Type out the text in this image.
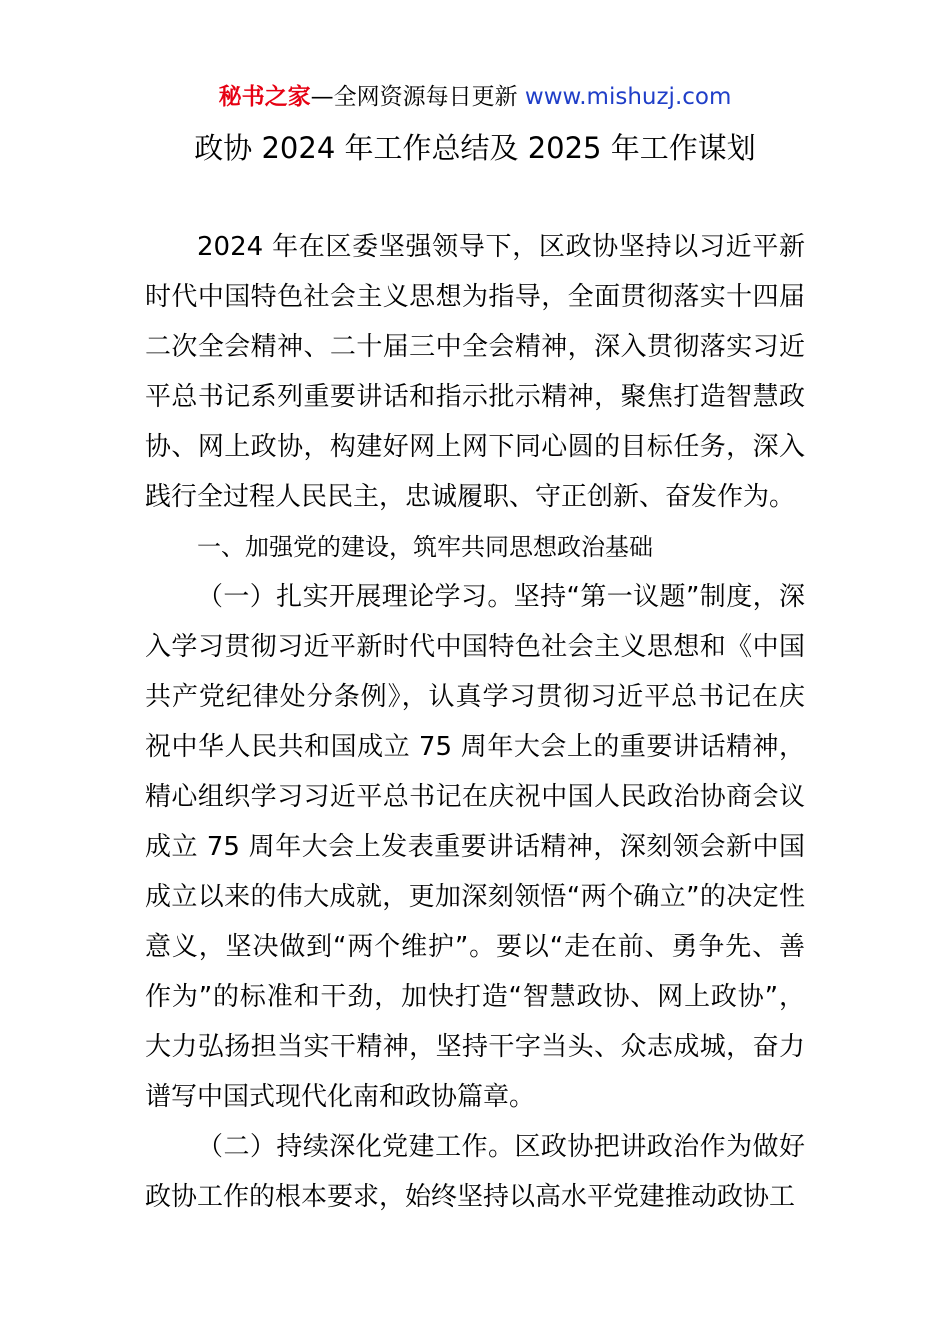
秘书之家—全网资源每日更新 www.mishuzj.com
政协 2024 年工作总结及 2025 年工作谋划

2024 年在区委坚强领导下，区政协坚持以习近平新时代中国特色社会主义思想为指导，全面贯彻落实十四届二次全会精神、二十届三中全会精神，深入贯彻落实习近平总书记系列重要讲话和指示批示精神，聚焦打造智慧政协、网上政协，构建好网上网下同心圆的目标任务，深入践行全过程人民民主，忠诚履职、守正创新、奋发作为。

一、加强党的建设，筑牢共同思想政治基础

（一）扎实开展理论学习。坚持“第一议题”制度，深入学习贯彻习近平新时代中国特色社会主义思想和《中国共产党纪律处分条例》，认真学习贯彻习近平总书记在庆祝中华人民共和国成立 75 周年大会上的重要讲话精神，精心组织学习习近平总书记在庆祝中国人民政治协商会议成立 75 周年大会上发表重要讲话精神，深刻领会新中国成立以来的伟大成就，更加深刻领悟“两个确立”的决定性意义，坚决做到“两个维护”。要以“走在前、勇争先、善作为”的标准和干劲，加快打造“智慧政协、网上政协”，大力弘扬担当实干精神，坚持干字当头、众志成城，奋力谱写中国式现代化南和政协篇章。

（二）持续深化党建工作。区政协把讲政治作为做好政协工作的根本要求，始终坚持以高水平党建推动政协工
